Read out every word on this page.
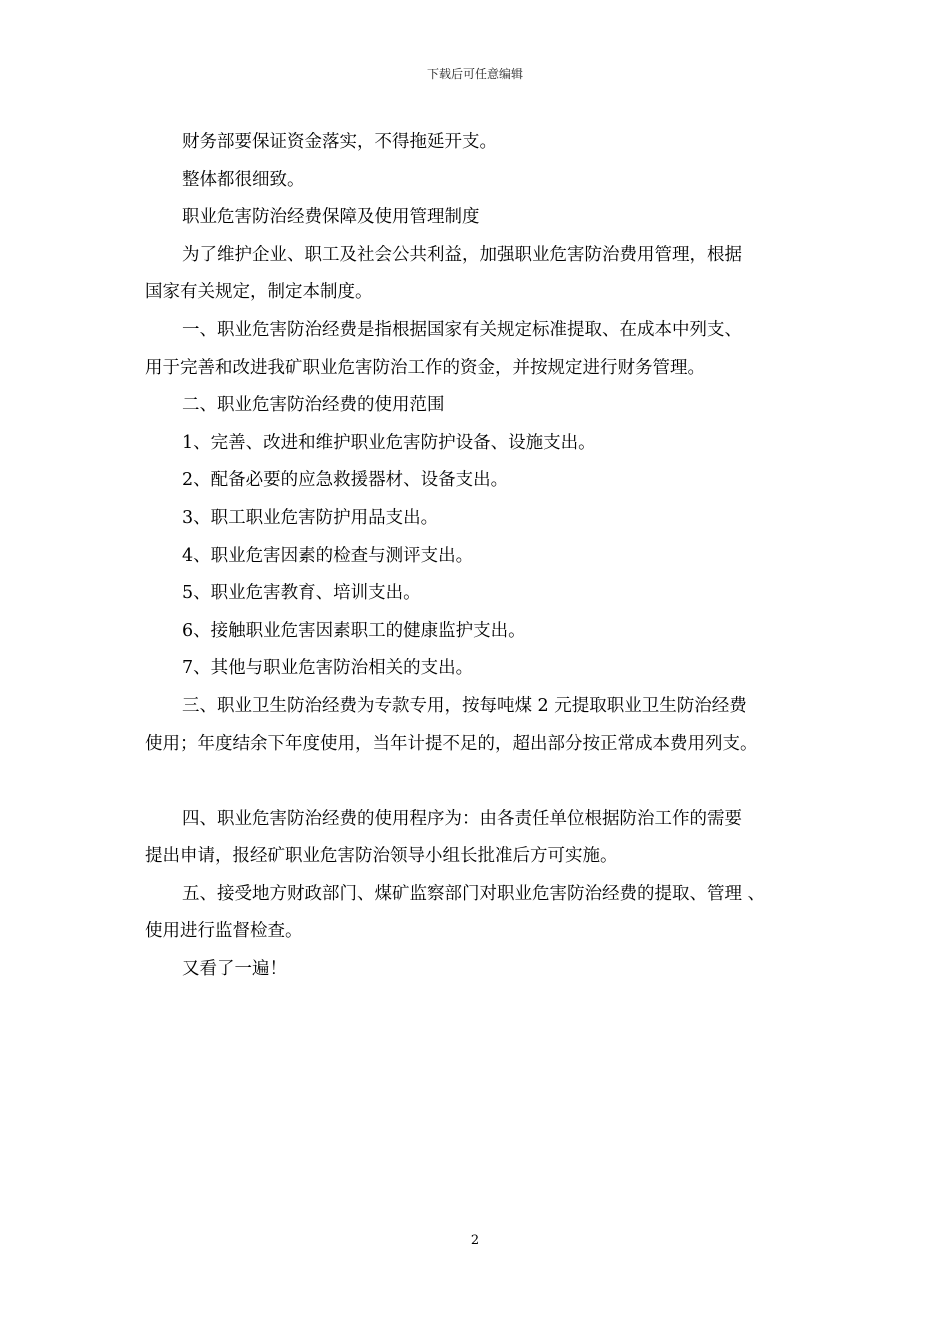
下载后可任意编辑
财务部要保证资金落实，不得拖延开支。
整体都很细致。
职业危害防治经费保障及使用管理制度
为了维护企业、职工及社会公共利益，加强职业危害防治费用管理，根据
国家有关规定，制定本制度。
一、职业危害防治经费是指根据国家有关规定标准提取、在成本中列支、
用于完善和改进我矿职业危害防治工作的资金，并按规定进行财务管理。
二、职业危害防治经费的使用范围
1、完善、改进和维护职业危害防护设备、设施支出。
2、配备必要的应急救援器材、设备支出。
3、职工职业危害防护用品支出。
4、职业危害因素的检查与测评支出。
5、职业危害教育、培训支出。
6、接触职业危害因素职工的健康监护支出。
7、其他与职业危害防治相关的支出。
三、职业卫生防治经费为专款专用，按每吨煤 2 元提取职业卫生防治经费
使用；年度结余下年度使用，当年计提不足的，超出部分按正常成本费用列支。
四、职业危害防治经费的使用程序为：由各责任单位根据防治工作的需要
提出申请，报经矿职业危害防治领导小组长批准后方可实施。
五、接受地方财政部门、煤矿监察部门对职业危害防治经费的提取、管理 、
使用进行监督检查。
又看了一遍！
2
